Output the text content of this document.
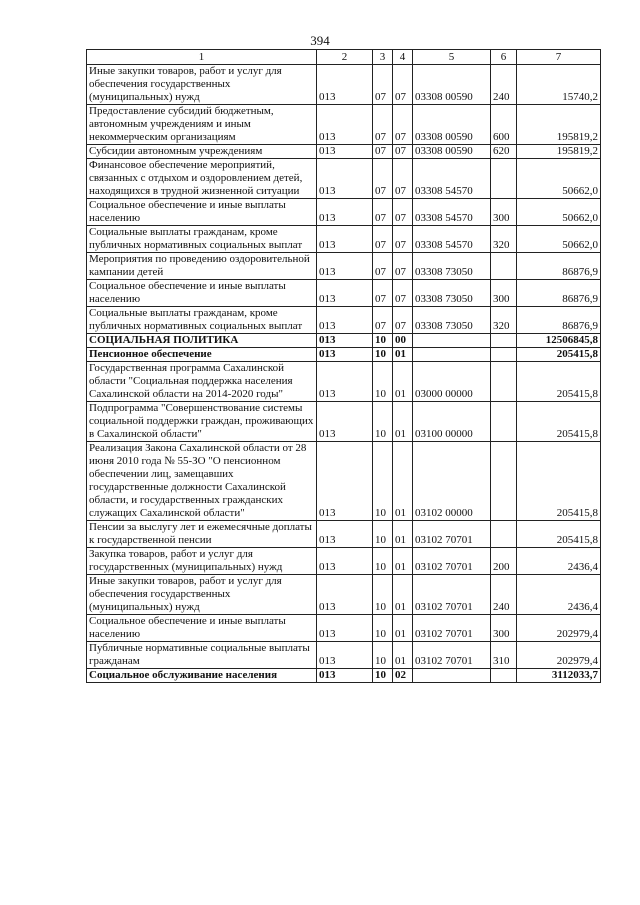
394
1	2	3	4	5	6	7
Иные закупки товаров, работ и услуг для обеспечения государственных (муниципальных) нужд	013	07	07	03308 00590	240	15740,2
Предоставление субсидий бюджетным, автономным учреждениям и иным некоммерческим организациям	013	07	07	03308 00590	600	195819,2
Субсидии автономным учреждениям	013	07	07	03308 00590	620	195819,2
Финансовое обеспечение мероприятий, связанных с отдыхом и оздоровлением детей, находящихся в трудной жизненной ситуации	013	07	07	03308 54570		50662,0
Социальное обеспечение и иные выплаты населению	013	07	07	03308 54570	300	50662,0
Социальные выплаты гражданам, кроме публичных нормативных социальных выплат	013	07	07	03308 54570	320	50662,0
Мероприятия по проведению оздоровительной кампании детей	013	07	07	03308 73050		86876,9
Социальное обеспечение и иные выплаты населению	013	07	07	03308 73050	300	86876,9
Социальные выплаты гражданам, кроме публичных нормативных социальных выплат	013	07	07	03308 73050	320	86876,9
СОЦИАЛЬНАЯ ПОЛИТИКА	013	10	00			12506845,8
Пенсионное обеспечение	013	10	01			205415,8
Государственная программа Сахалинской области "Социальная поддержка населения Сахалинской области на 2014-2020 годы"	013	10	01	03000 00000		205415,8
Подпрограмма "Совершенствование системы социальной поддержки граждан, проживающих в Сахалинской области"	013	10	01	03100 00000		205415,8
Реализация Закона Сахалинской области от 28 июня 2010 года № 55-ЗО "О пенсионном обеспечении лиц, замещавших государственные должности Сахалинской области, и государственных гражданских служащих Сахалинской области"	013	10	01	03102 00000		205415,8
Пенсии за выслугу лет и ежемесячные доплаты к государственной пенсии	013	10	01	03102 70701		205415,8
Закупка товаров, работ и услуг для государственных (муниципальных) нужд	013	10	01	03102 70701	200	2436,4
Иные закупки товаров, работ и услуг для обеспечения государственных (муниципальных) нужд	013	10	01	03102 70701	240	2436,4
Социальное обеспечение и иные выплаты населению	013	10	01	03102 70701	300	202979,4
Публичные нормативные социальные выплаты гражданам	013	10	01	03102 70701	310	202979,4
Социальное обслуживание населения	013	10	02			3112033,7
